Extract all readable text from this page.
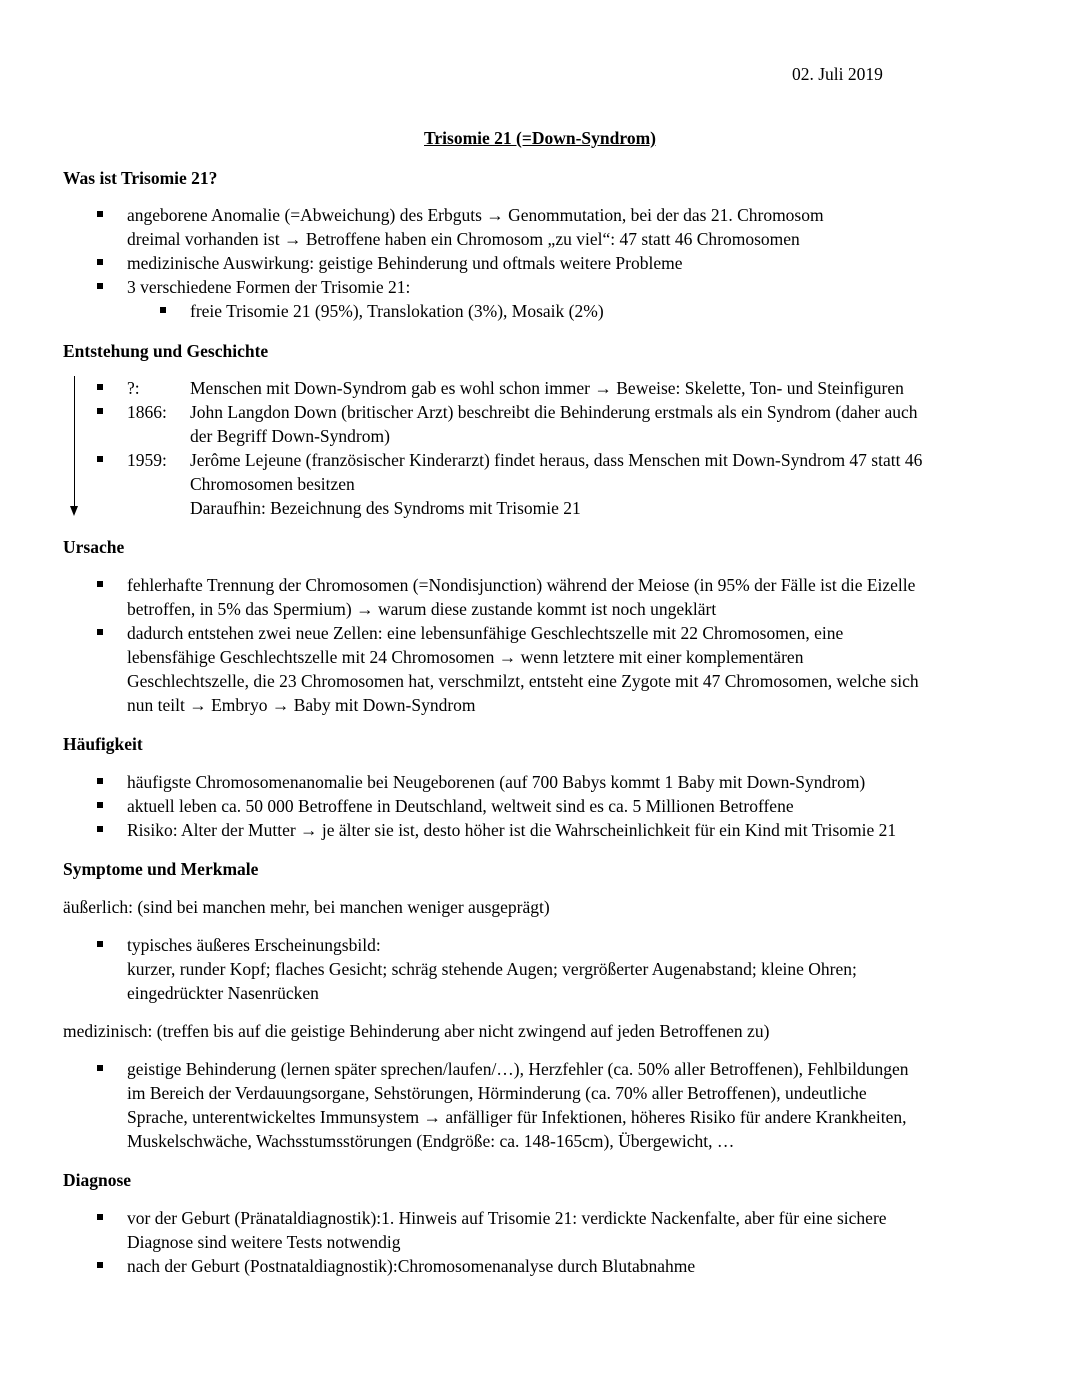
02. Juli 2019
Trisomie 21 (=Down-Syndrom)
Was ist Trisomie 21?
angeborene Anomalie (=Abweichung) des Erbguts → Genommutation, bei der das 21. Chromosom
dreimal vorhanden ist → Betroffene haben ein Chromosom „zu viel“: 47 statt 46 Chromosomen
medizinische Auswirkung: geistige Behinderung und oftmals weitere Probleme
3 verschiedene Formen der Trisomie 21:
freie Trisomie 21 (95%), Translokation (3%), Mosaik (2%)
Entstehung und Geschichte
?:	Menschen mit Down-Syndrom gab es wohl schon immer → Beweise: Skelette, Ton- und Steinfiguren
1866: John Langdon Down (britischer Arzt) beschreibt die Behinderung erstmals als ein Syndrom (daher auch
der Begriff Down-Syndrom)
1959: Jerôme Lejeune (französischer Kinderarzt) findet heraus, dass Menschen mit Down-Syndrom 47 statt 46
Chromosomen besitzen
Daraufhin: Bezeichnung des Syndroms mit Trisomie 21
Ursache
fehlerhafte Trennung der Chromosomen (=Nondisjunction) während der Meiose (in 95% der Fälle ist die Eizelle
betroffen, in 5% das Spermium) → warum diese zustande kommt ist noch ungeklärt
dadurch entstehen zwei neue Zellen: eine lebensunfähige Geschlechtszelle mit 22 Chromosomen, eine
lebensfähige Geschlechtszelle mit 24 Chromosomen → wenn letztere mit einer komplementären
Geschlechtszelle, die 23 Chromosomen hat, verschmilzt, entsteht eine Zygote mit 47 Chromosomen, welche sich
nun teilt → Embryo → Baby mit Down-Syndrom
Häufigkeit
häufigste Chromosomenanomalie bei Neugeborenen (auf 700 Babys kommt 1 Baby mit Down-Syndrom)
aktuell leben ca. 50 000 Betroffene in Deutschland, weltweit sind es ca. 5 Millionen Betroffene
Risiko: Alter der Mutter → je älter sie ist, desto höher ist die Wahrscheinlichkeit für ein Kind mit Trisomie 21
Symptome und Merkmale
äußerlich: (sind bei manchen mehr, bei manchen weniger ausgeprägt)
typisches äußeres Erscheinungsbild:
kurzer, runder Kopf; flaches Gesicht; schräg stehende Augen; vergrößerter Augenabstand; kleine Ohren;
eingedrückter Nasenrücken
medizinisch: (treffen bis auf die geistige Behinderung aber nicht zwingend auf jeden Betroffenen zu)
geistige Behinderung (lernen später sprechen/laufen/…), Herzfehler (ca. 50% aller Betroffenen), Fehlbildungen
im Bereich der Verdauungsorgane, Sehstörungen, Hörminderung (ca. 70% aller Betroffenen), undeutliche
Sprache, unterentwickeltes Immunsystem → anfälliger für Infektionen, höheres Risiko für andere Krankheiten,
Muskelschwäche, Wachsstumsstörungen (Endgröße: ca. 148-165cm), Übergewicht, …
Diagnose
vor der Geburt (Pränataldiagnostik):1. Hinweis auf Trisomie 21: verdickte Nackenfalte, aber für eine sichere
Diagnose sind weitere Tests notwendig
nach der Geburt (Postnataldiagnostik):Chromosomenanalyse durch Blutabnahme
